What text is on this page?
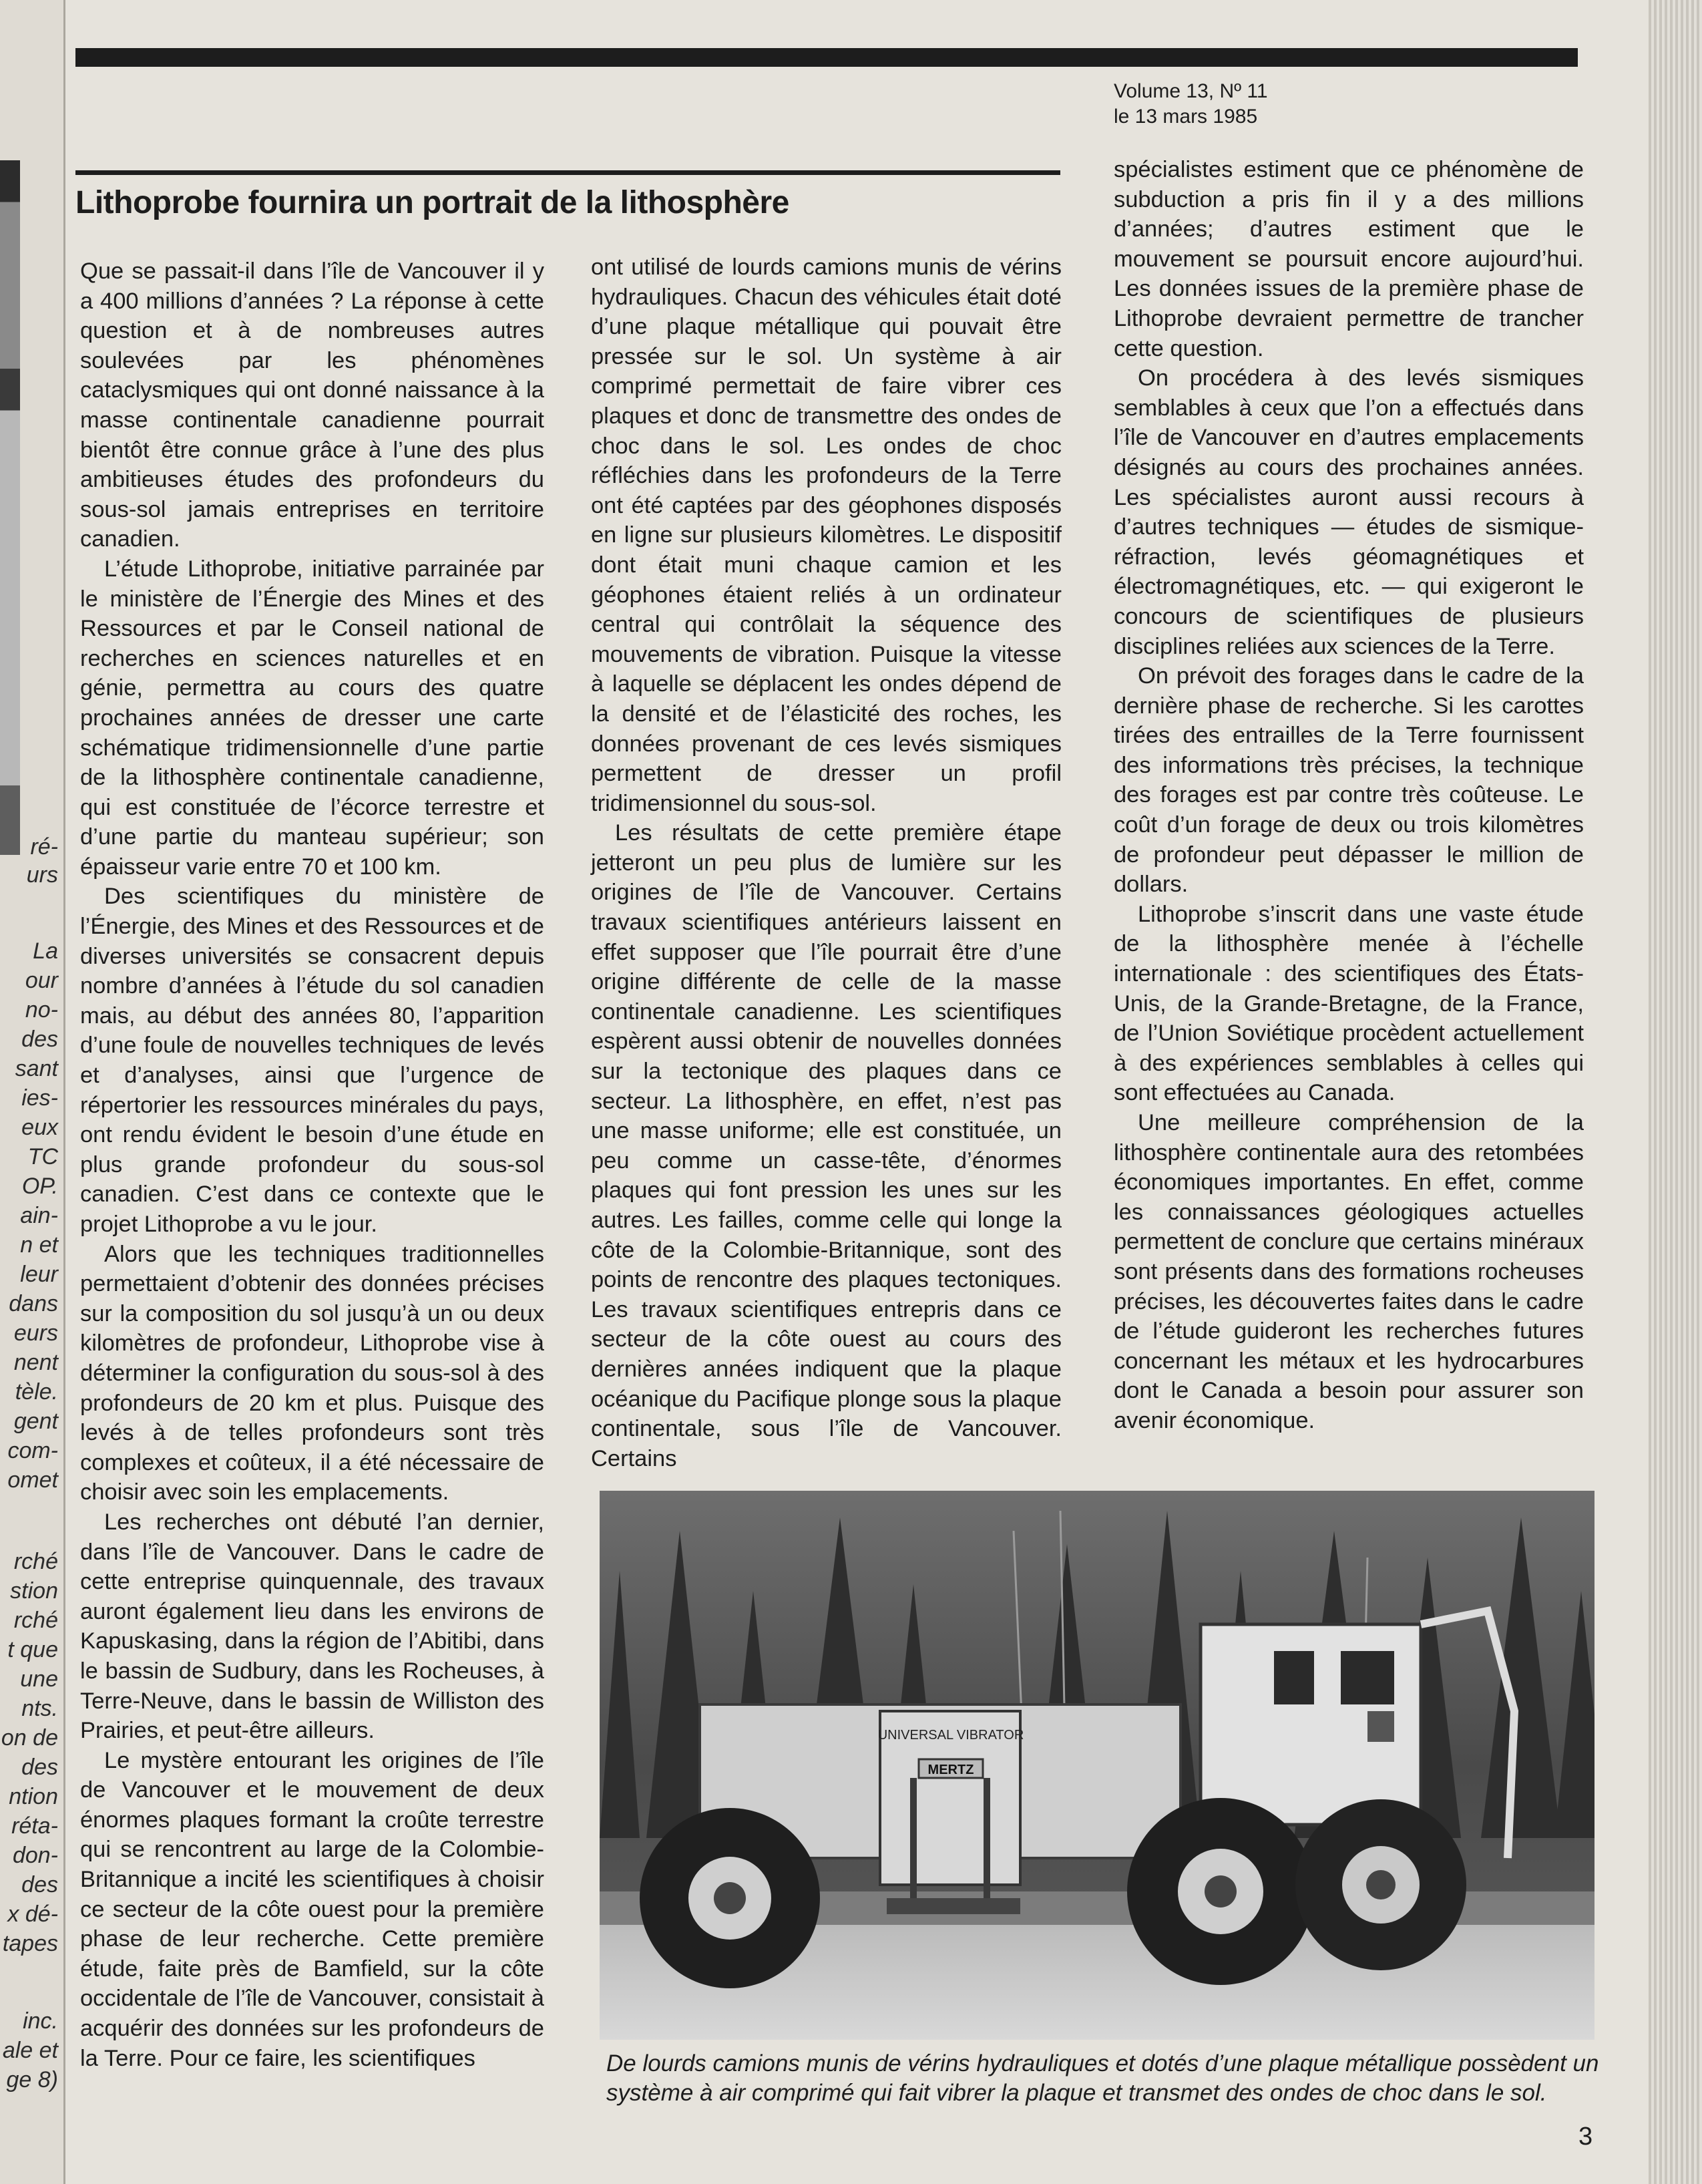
ré-
urs
La
our
no-
des
sant
ies-
eux
TC
OP.
ain-
n et
leur
dans
eurs
nent
tèle.
gent
com-
omet
rché
stion
rché
t que
une
nts.
on de
des
ntion
réta-
don-
des
x dé-
tapes
inc.
ale et
ge 8)
Volume 13, Nº 11
le 13 mars 1985
Lithoprobe fournira un portrait de la lithosphère

Que se passait-il dans l’île de Vancouver il y a 400 millions d’années ? La réponse à cette question et à de nombreuses autres soulevées par les phénomènes cataclysmiques qui ont donné naissance à la masse continentale canadienne pourrait bientôt être connue grâce à l’une des plus ambitieuses études des profondeurs du sous-sol jamais entreprises en territoire canadien.

L’étude Lithoprobe, initiative parrainée par le ministère de l’Énergie des Mines et des Ressources et par le Conseil national de recherches en sciences naturelles et en génie, permettra au cours des quatre prochaines années de dresser une carte schématique tridimensionnelle d’une partie de la lithosphère continentale canadienne, qui est constituée de l’écorce terrestre et d’une partie du manteau supérieur; son épaisseur varie entre 70 et 100 km.

Des scientifiques du ministère de l’Énergie, des Mines et des Ressources et de diverses universités se consacrent depuis nombre d’années à l’étude du sol canadien mais, au début des années 80, l’apparition d’une foule de nouvelles techniques de levés et d’analyses, ainsi que l’urgence de répertorier les ressources minérales du pays, ont rendu évident le besoin d’une étude en plus grande profondeur du sous-sol canadien. C’est dans ce contexte que le projet Lithoprobe a vu le jour.

Alors que les techniques traditionnelles permettaient d’obtenir des données précises sur la composition du sol jusqu’à un ou deux kilomètres de profondeur, Lithoprobe vise à déterminer la configuration du sous-sol à des profondeurs de 20 km et plus. Puisque des levés à de telles profondeurs sont très complexes et coûteux, il a été nécessaire de choisir avec soin les emplacements.

Les recherches ont débuté l’an dernier, dans l’île de Vancouver. Dans le cadre de cette entreprise quinquennale, des travaux auront également lieu dans les environs de Kapuskasing, dans la région de l’Abitibi, dans le bassin de Sudbury, dans les Rocheuses, à Terre-Neuve, dans le bassin de Williston des Prairies, et peut-être ailleurs.

Le mystère entourant les origines de l’île de Vancouver et le mouvement de deux énormes plaques formant la croûte terrestre qui se rencontrent au large de la Colombie-Britannique a incité les scientifiques à choisir ce secteur de la côte ouest pour la première phase de leur recherche. Cette première étude, faite près de Bamfield, sur la côte occidentale de l’île de Vancouver, consistait à acquérir des données sur les profondeurs de la Terre. Pour ce faire, les scientifiques

ont utilisé de lourds camions munis de vérins hydrauliques. Chacun des véhicules était doté d’une plaque métallique qui pouvait être pressée sur le sol. Un système à air comprimé permettait de faire vibrer ces plaques et donc de transmettre des ondes de choc dans le sol. Les ondes de choc réfléchies dans les profondeurs de la Terre ont été captées par des géophones disposés en ligne sur plusieurs kilomètres. Le dispositif dont était muni chaque camion et les géophones étaient reliés à un ordinateur central qui contrôlait la séquence des mouvements de vibration. Puisque la vitesse à laquelle se déplacent les ondes dépend de la densité et de l’élasticité des roches, les données provenant de ces levés sismiques permettent de dresser un profil tridimensionnel du sous-sol.

Les résultats de cette première étape jetteront un peu plus de lumière sur les origines de l’île de Vancouver. Certains travaux scientifiques antérieurs laissent en effet supposer que l’île pourrait être d’une origine différente de celle de la masse continentale canadienne. Les scientifiques espèrent aussi obtenir de nouvelles données sur la tectonique des plaques dans ce secteur. La lithosphère, en effet, n’est pas une masse uniforme; elle est constituée, un peu comme un casse-tête, d’énormes plaques qui font pression les unes sur les autres. Les failles, comme celle qui longe la côte de la Colombie-Britannique, sont des points de rencontre des plaques tectoniques. Les travaux scientifiques entrepris dans ce secteur de la côte ouest au cours des dernières années indiquent que la plaque océanique du Pacifique plonge sous la plaque continentale, sous l’île de Vancouver. Certains

spécialistes estiment que ce phénomène de subduction a pris fin il y a des millions d’années; d’autres estiment que le mouvement se poursuit encore aujourd’hui. Les données issues de la première phase de Lithoprobe devraient permettre de trancher cette question.

On procédera à des levés sismiques semblables à ceux que l’on a effectués dans l’île de Vancouver en d’autres emplacements désignés au cours des prochaines années. Les spécialistes auront aussi recours à d’autres techniques — études de sismique-réfraction, levés géomagnétiques et électromagnétiques, etc. — qui exigeront le concours de scientifiques de plusieurs disciplines reliées aux sciences de la Terre.

On prévoit des forages dans le cadre de la dernière phase de recherche. Si les carottes tirées des entrailles de la Terre fournissent des informations très précises, la technique des forages est par contre très coûteuse. Le coût d’un forage de deux ou trois kilomètres de profondeur peut dépasser le million de dollars.

Lithoprobe s’inscrit dans une vaste étude de la lithosphère menée à l’échelle internationale : des scientifiques des États-Unis, de la Grande-Bretagne, de la France, de l’Union Soviétique procèdent actuellement à des expériences semblables à celles qui sont effectuées au Canada.

Une meilleure compréhension de la lithosphère continentale aura des retombées économiques importantes. En effet, comme les connaissances géologiques actuelles permettent de conclure que certains minéraux sont présents dans des formations rocheuses précises, les découvertes faites dans le cadre de l’étude guideront les recherches futures concernant les métaux et les hydrocarbures dont le Canada a besoin pour assurer son avenir économique.

UNIVERSAL VIBRATOR
MERTZ

De lourds camions munis de vérins hydrauliques et dotés d’une plaque métallique possèdent un système à air comprimé qui fait vibrer la plaque et transmet des ondes de choc dans le sol.

3
